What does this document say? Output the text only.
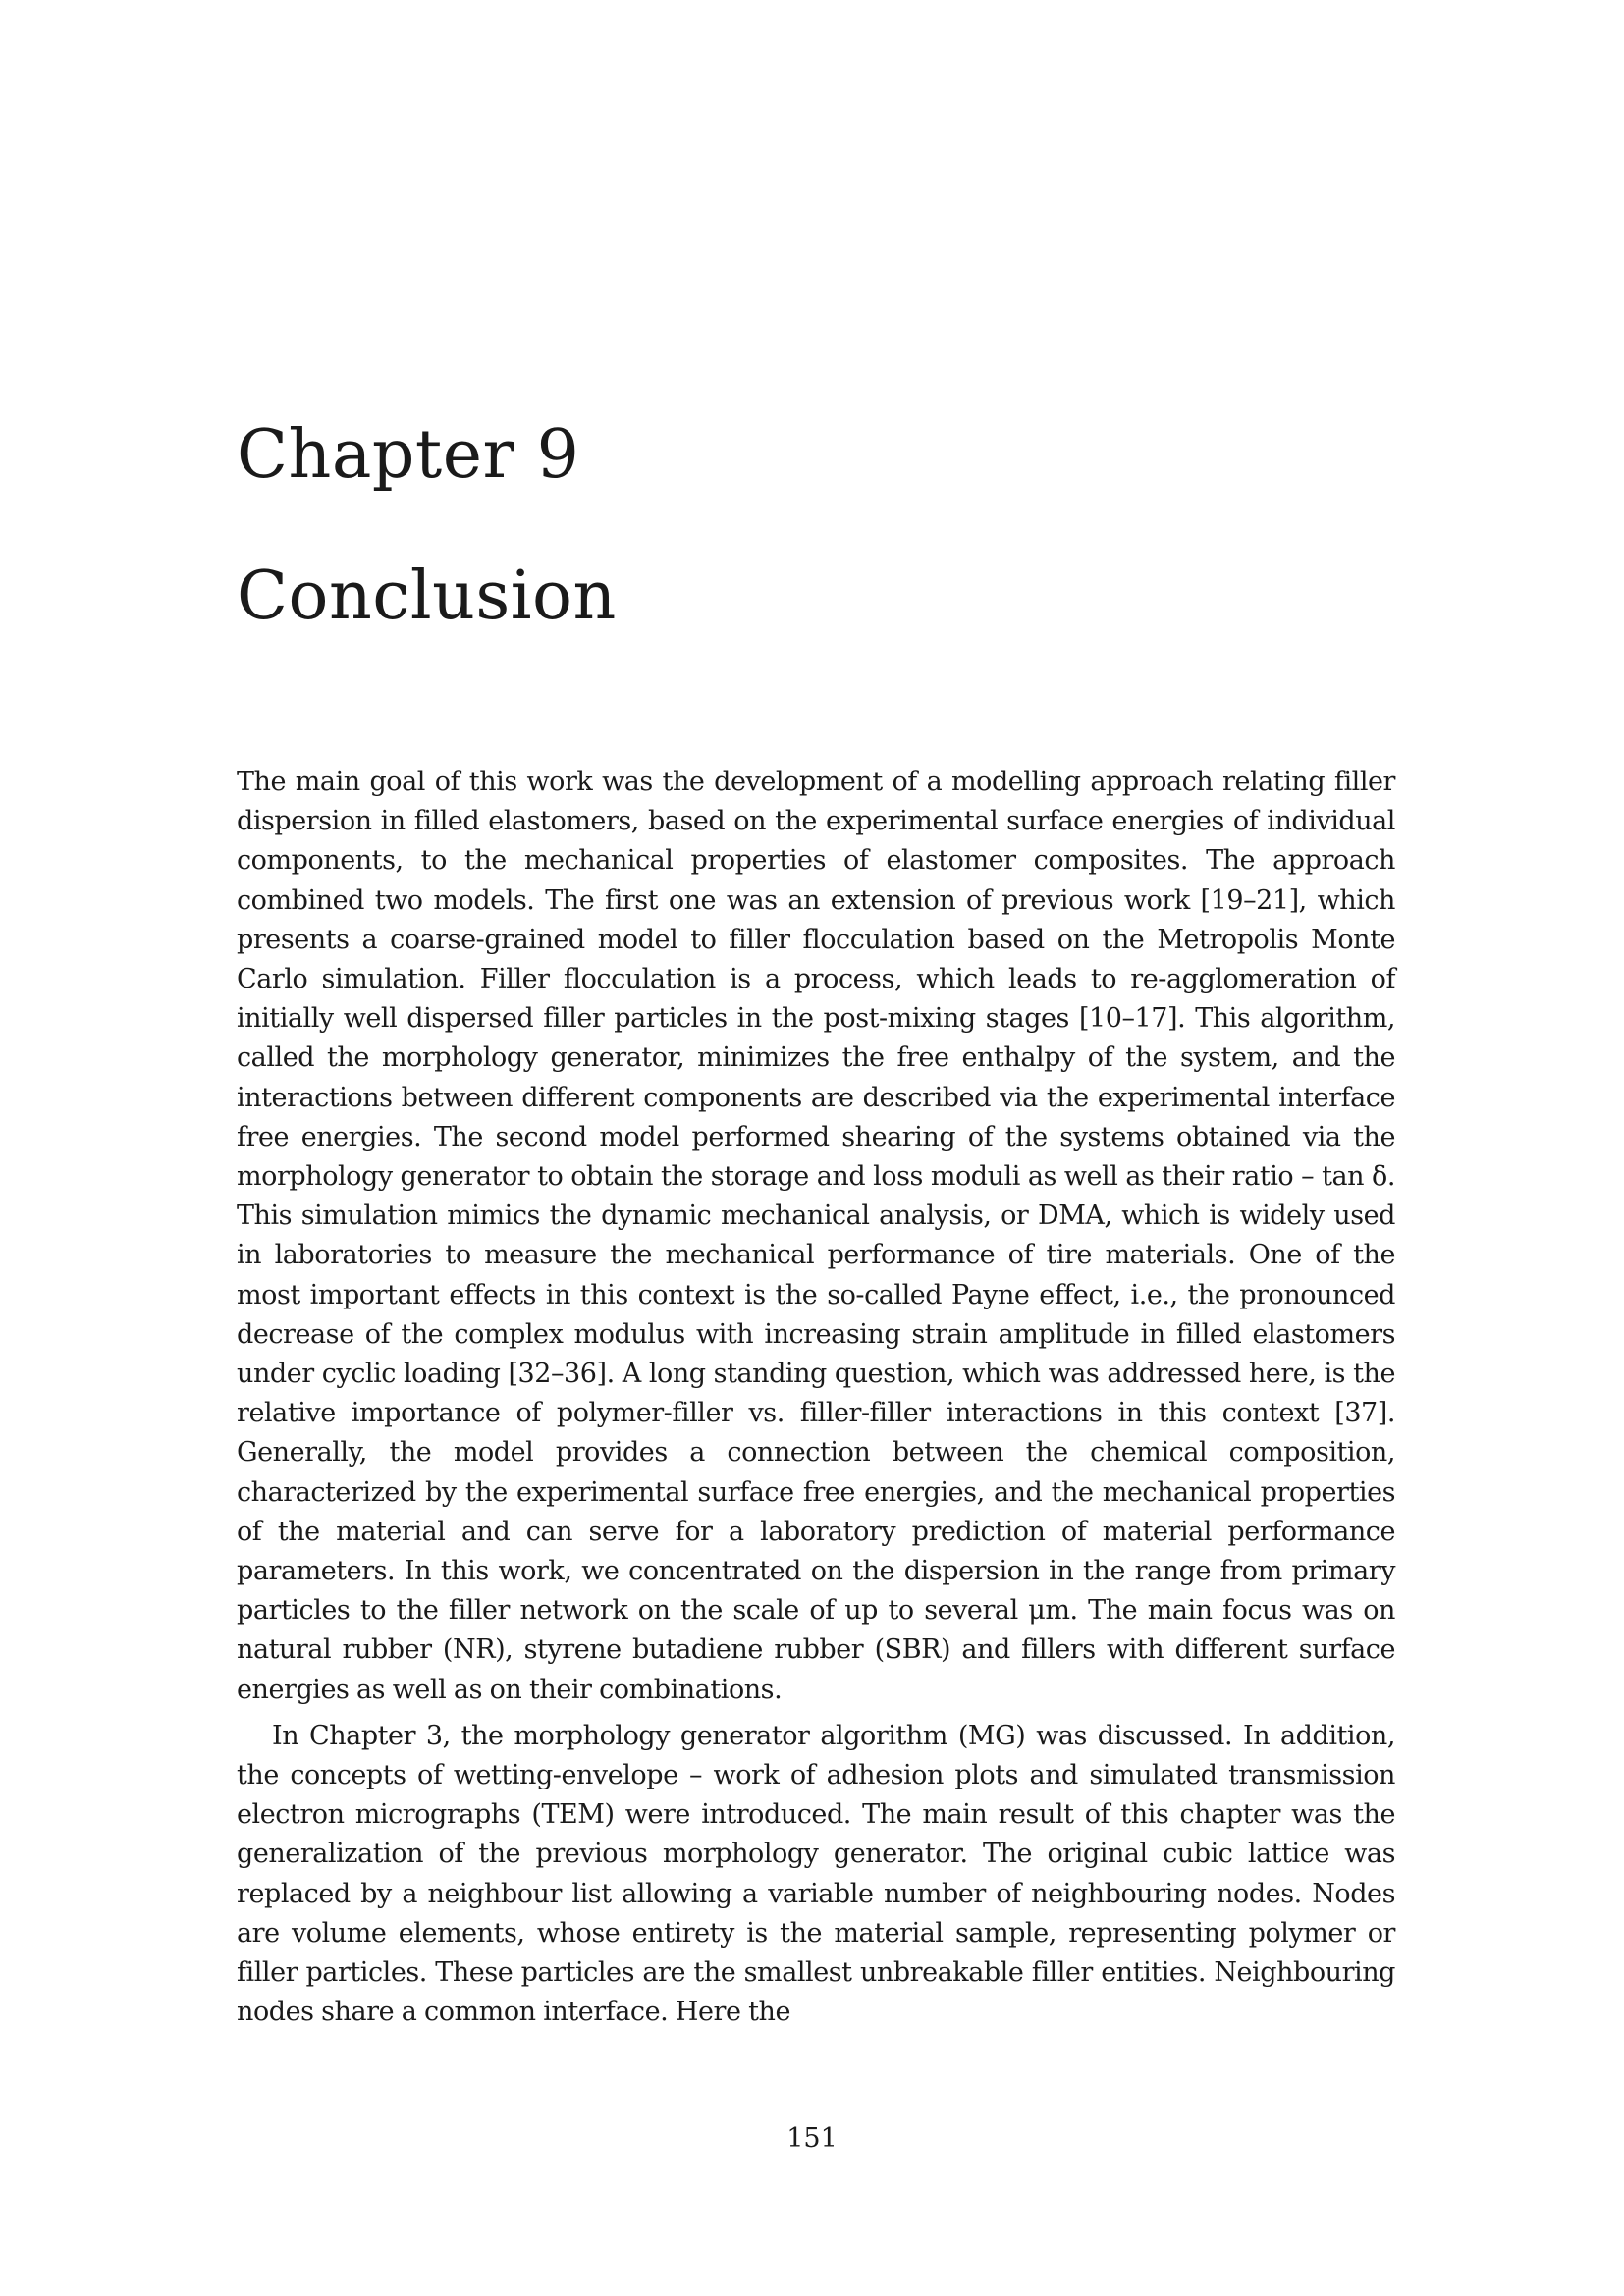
Chapter 9
Conclusion

The main goal of this work was the development of a modelling approach relating filler dispersion in filled elastomers, based on the experimental surface energies of individual components, to the mechanical properties of elastomer composites. The approach combined two models. The first one was an extension of previous work [19–21], which presents a coarse-grained model to filler flocculation based on the Metropolis Monte Carlo simulation. Filler flocculation is a process, which leads to re-agglomeration of initially well dispersed filler particles in the post-mixing stages [10–17]. This algorithm, called the morphology generator, minimizes the free enthalpy of the system, and the interactions between different components are described via the experimental interface free energies. The second model performed shearing of the systems obtained via the morphology generator to obtain the storage and loss moduli as well as their ratio – tan δ. This simulation mimics the dynamic mechanical analysis, or DMA, which is widely used in laboratories to measure the mechanical performance of tire materials. One of the most important effects in this context is the so-called Payne effect, i.e., the pronounced decrease of the complex modulus with increasing strain amplitude in filled elastomers under cyclic loading [32–36]. A long standing question, which was addressed here, is the relative importance of polymer-filler vs. filler-filler interactions in this context [37]. Generally, the model provides a connection between the chemical composition, characterized by the experimental surface free energies, and the mechanical properties of the material and can serve for a laboratory prediction of material performance parameters. In this work, we concentrated on the dispersion in the range from primary particles to the filler network on the scale of up to several μm. The main focus was on natural rubber (NR), styrene butadiene rubber (SBR) and fillers with different surface energies as well as on their combinations.

In Chapter 3, the morphology generator algorithm (MG) was discussed. In addition, the concepts of wetting-envelope – work of adhesion plots and simulated transmission electron micrographs (TEM) were introduced. The main result of this chapter was the generalization of the previous morphology generator. The original cubic lattice was replaced by a neighbour list allowing a variable number of neighbouring nodes. Nodes are volume elements, whose entirety is the material sample, representing polymer or filler particles. These particles are the smallest unbreakable filler entities. Neighbouring nodes share a common interface. Here the

151
